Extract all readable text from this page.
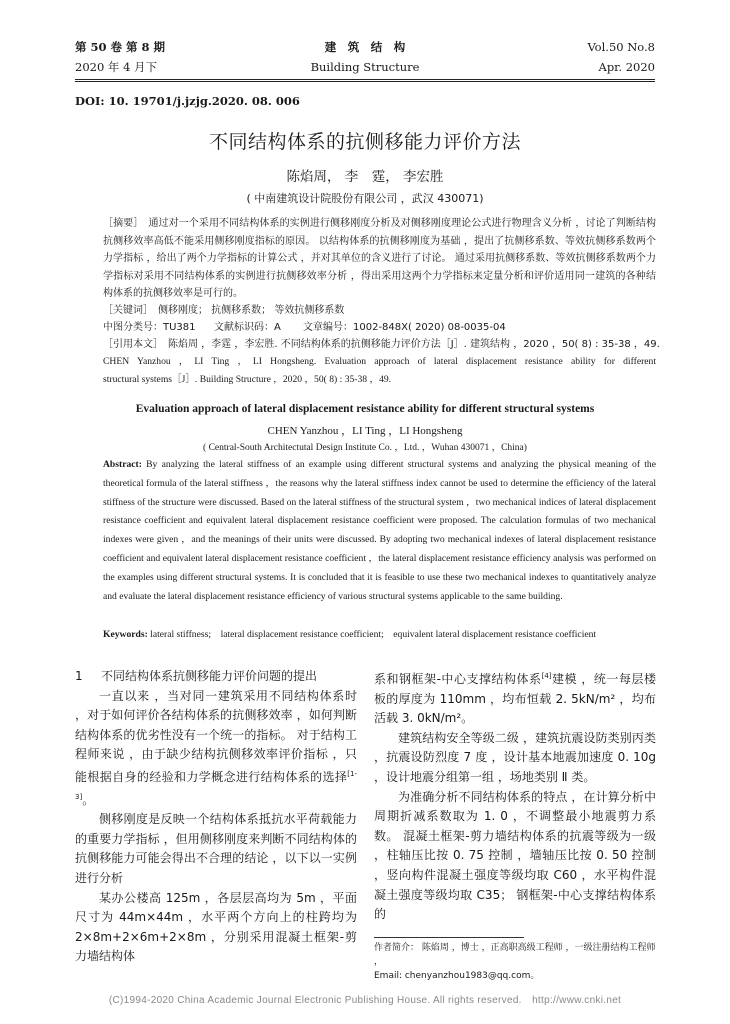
第 50 卷 第 8 期
2020 年 4 月下
建　筑　结　构
Building Structure
Vol.50 No.8
Apr. 2020
DOI: 10. 19701/j.jzjg.2020. 08. 006
不同结构体系的抗侧移能力评价方法
陈焰周， 李　霆， 李宏胜
( 中南建筑设计院股份有限公司 ，武汉 430071)
［摘要］　通过对一个采用不同结构体系的实例进行侧移刚度分析及对侧移刚度理论公式进行物理含义分析 ，讨论了判断结构抗侧移效率高低不能采用侧移刚度指标的原因。 以结构体系的抗侧移刚度为基础 ，提出了抗侧移系数、等效抗侧移系数两个力学指标 ，给出了两个力学指标的计算公式 ，并对其单位的含义进行了讨论。 通过采用抗侧移系数、等效抗侧移系数两个力学指标对采用不同结构体系的实例进行抗侧移效率分析 ，得出采用这两个力学指标来定量分析和评价适用同一建筑的各种结构体系的抗侧移效率是可行的。
［关键词］　侧移刚度； 抗侧移系数； 等效抗侧移系数
中图分类号：TU381 文献标识码：A 文章编号：1002-848X( 2020) 08-0035-04
［引用本文］　陈焰周 ，李霆 ，李宏胜. 不同结构体系的抗侧移能力评价方法［J］. 建筑结构 ，2020 ，50( 8) : 35-38 ，49.
CHEN Yanzhou ，LI Ting ，LI Hongsheng. Evaluation approach of lateral displacement resistance ability for different
structural systems［J］. Building Structure ，2020 ，50( 8) : 35-38 ，49.
Evaluation approach of lateral displacement resistance ability for different structural systems
CHEN Yanzhou ，LI Ting ，LI Hongsheng
( Central-South Architectutal Design Institute Co. ，Ltd. ，Wuhan 430071 ，China)
Abstract: By analyzing the lateral stiffness of an example using different structural systems and analyzing the physical meaning of the theoretical formula of the lateral stiffness ，the reasons why the lateral stiffness index cannot be used to determine the efficiency of the lateral stiffness of the structure were discussed. Based on the lateral stiffness of the structural system ，two mechanical indices of lateral displacement resistance coefficient and equivalent lateral displacement resistance coefficient were proposed. The calculation formulas of two mechanical indexes were given ，and the meanings of their units were discussed. By adopting two mechanical indexes of lateral displacement resistance coefficient and equivalent lateral displacement resistance coefficient ，the lateral displacement resistance efficiency analysis was performed on the examples using different structural systems. It is concluded that it is feasible to use these two mechanical indexes to quantitatively analyze and evaluate the lateral displacement resistance efficiency of various structural systems applicable to the same building.
Keywords: lateral stiffness;　lateral displacement resistance coefficient;　equivalent lateral displacement resistance coefficient
1 不同结构体系抗侧移能力评价问题的提出

一直以来 ，当对同一建筑采用不同结构体系时 ，对于如何评价各结构体系的抗侧移效率 ，如何判断结构体系的优劣性没有一个统一的指标。 对于结构工程师来说 ，由于缺少结构抗侧移效率评价指标 ，只能根据自身的经验和力学概念进行结构体系的选择[1-3]。

侧移刚度是反映一个结构体系抵抗水平荷载能力的重要力学指标 ，但用侧移刚度来判断不同结构体的抗侧移能力可能会得出不合理的结论 ，以下以一实例进行分析

某办公楼高 125m ，各层层高均为 5m ，平面尺寸为 44m×44m ，水平两个方向上的柱跨均为 2×8m+2×6m+2×8m ，分别采用混凝土框架-剪力墙结构体

系和钢框架-中心支撑结构体系[4]建模 ，统一每层楼板的厚度为 110mm ，均布恒载 2. 5kN/m² ，均布活载 3. 0kN/m²。

建筑结构安全等级二级 ，建筑抗震设防类别丙类 ，抗震设防烈度 7 度 ，设计基本地震加速度 0. 10g ，设计地震分组第一组 ，场地类别 Ⅱ 类。

为准确分析不同结构体系的特点 ，在计算分析中周期折减系数取为 1. 0 ，不调整最小地震剪力系数。 混凝土框架-剪力墙结构体系的抗震等级为一级 ，柱轴压比按 0. 75 控制 ，墙轴压比按 0. 50 控制 ，竖向构件混凝土强度等级均取 C60 ，水平构件混凝土强度等级均取 C35； 钢框架-中心支撑结构体系的

作者简介： 陈焰周 ，博士 ，正高职高级工程师 ，一级注册结构工程师 ，
Email: chenyanzhou1983@qq.com。
(C)1994-2020 China Academic Journal Electronic Publishing House. All rights reserved.　http://www.cnki.net
